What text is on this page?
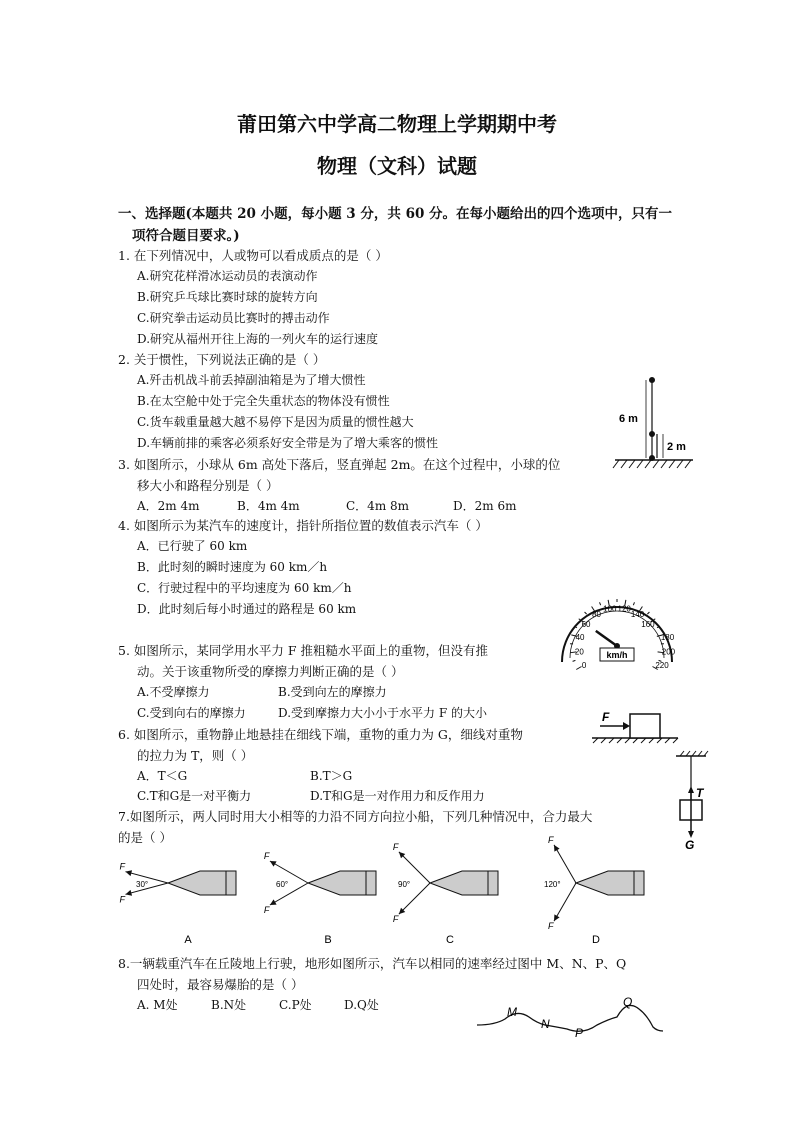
莆田第六中学高二物理上学期期中考
物理（文科）试题
一、选择题(本题共 20 小题，每小题 3 分，共 60 分。在每小题给出的四个选项中，只有一
项符合题目要求。)
1. 在下列情况中，人或物可以看成质点的是（ ）
A.研究花样滑冰运动员的表演动作
B.研究乒乓球比赛时球的旋转方向
C.研究拳击运动员比赛时的搏击动作
D.研究从福州开往上海的一列火车的运行速度
2. 关于惯性，下列说法正确的是（ ）
A.歼击机战斗前丢掉副油箱是为了增大惯性
B.在太空舱中处于完全失重状态的物体没有惯性
C.货车载重量越大越不易停下是因为质量的惯性越大
D.车辆前排的乘客必须系好安全带是为了增大乘客的惯性
3. 如图所示，小球从 6m 高处下落后，竖直弹起 2m。在这个过程中，小球的位
移大小和路程分别是（ ）
A．2m 4m	B．4m 4m	C．4m 8m	D．2m 6m
4. 如图所示为某汽车的速度计，指针所指位置的数值表示汽车（ ）
A．已行驶了 60 km
B．此时刻的瞬时速度为 60 km／h
C．行驶过程中的平均速度为 60 km／h
D．此时刻后每小时通过的路程是 60 km
5. 如图所示，某同学用水平力 F 推粗糙水平面上的重物，但没有推
动。关于该重物所受的摩擦力判断正确的是（ ）
A.不受摩擦力	B.受到向左的摩擦力
C.受到向右的摩擦力	D.受到摩擦力大小小于水平力 F 的大小
6. 如图所示，重物静止地悬挂在细线下端，重物的重力为 G，细线对重物
的拉力为 T，则（ ）
A．T＜G	B.T＞G
C.T和G是一对平衡力	D.T和G是一对作用力和反作用力
7.如图所示，两人同时用大小相等的力沿不同方向拉小船，下列几种情况中，合力最大
的是（ ）
8.一辆载重汽车在丘陵地上行驶，地形如图所示，汽车以相同的速率经过图中 M、N、P、Q
四处时，最容易爆胎的是（ ）
A. M处	B.N处	C.P处	D.Q处
6 m
2 m
0
20
40
60
80
100 120
140
160
180
200
220
km/h
F
T
G
F
F
30°
A
F
F
60°
B
F
F
90°
C
F
F
120°
D
M
N
P
Q
